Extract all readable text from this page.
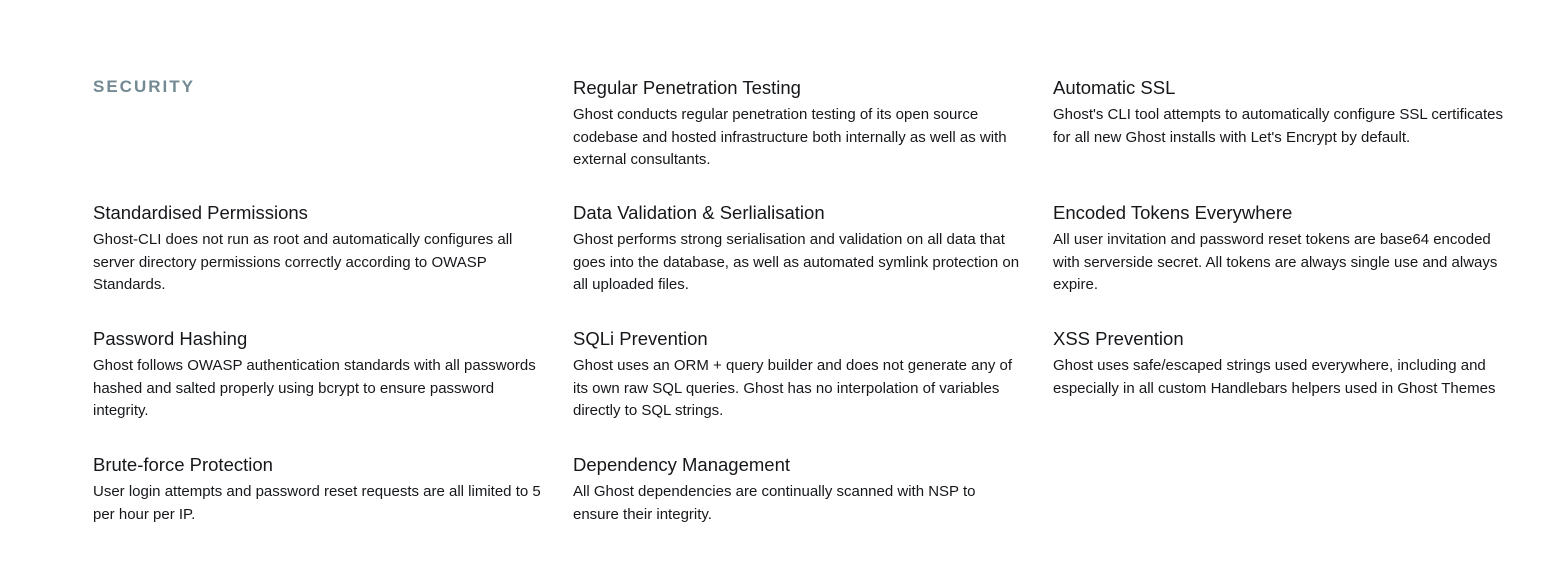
SECURITY	Regular Penetration Testing

Ghost conducts regular penetration testing of its open source codebase and hosted infrastructure both internally as well as with external consultants.

Automatic SSL

Ghost's CLI tool attempts to automatically configure SSL certificates for all new Ghost installs with Let's Encrypt by default.

Standardised Permissions

Ghost-CLI does not run as root and automatically configures all server directory permissions correctly according to OWASP Standards.

Data Validation & Serlialisation

Ghost performs strong serialisation and validation on all data that goes into the database, as well as automated symlink protection on all uploaded files.

Encoded Tokens Everywhere

All user invitation and password reset tokens are base64 encoded with serverside secret. All tokens are always single use and always expire.

Password Hashing

Ghost follows OWASP authentication standards with all passwords hashed and salted properly using bcrypt to ensure password integrity.

SQLi Prevention

Ghost uses an ORM + query builder and does not generate any of its own raw SQL queries. Ghost has no interpolation of variables directly to SQL strings.

XSS Prevention

Ghost uses safe/escaped strings used everywhere, including and especially in all custom Handlebars helpers used in Ghost Themes

Brute-force Protection

User login attempts and password reset requests are all limited to 5 per hour per IP.

Dependency Management

All Ghost dependencies are continually scanned with NSP to ensure their integrity.
